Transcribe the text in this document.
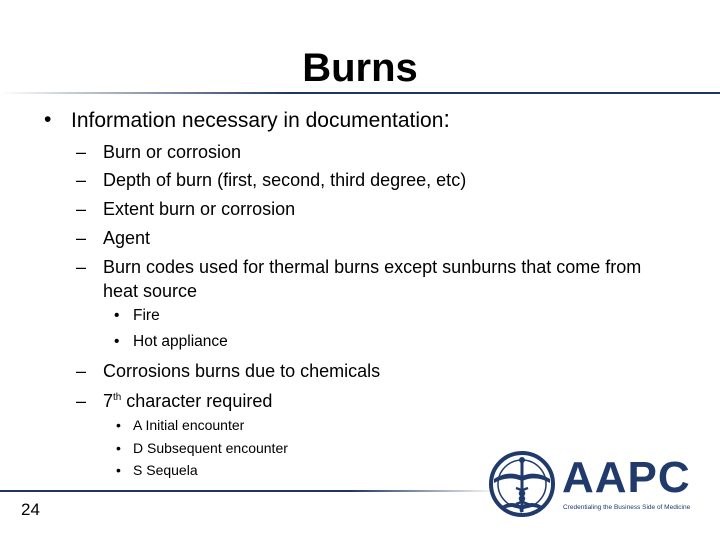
Burns
• Information necessary in documentation:
– Burn or corrosion
– Depth of burn (first, second, third degree, etc)
– Extent burn or corrosion
– Agent
– Burn codes used for thermal burns except sunburns that come from heat source
• Fire
• Hot appliance
– Corrosions burns due to chemicals
– 7th character required
• A Initial encounter
• D Subsequent encounter
• S Sequela
24
AAPC
Credentialing the Business Side of Medicine
